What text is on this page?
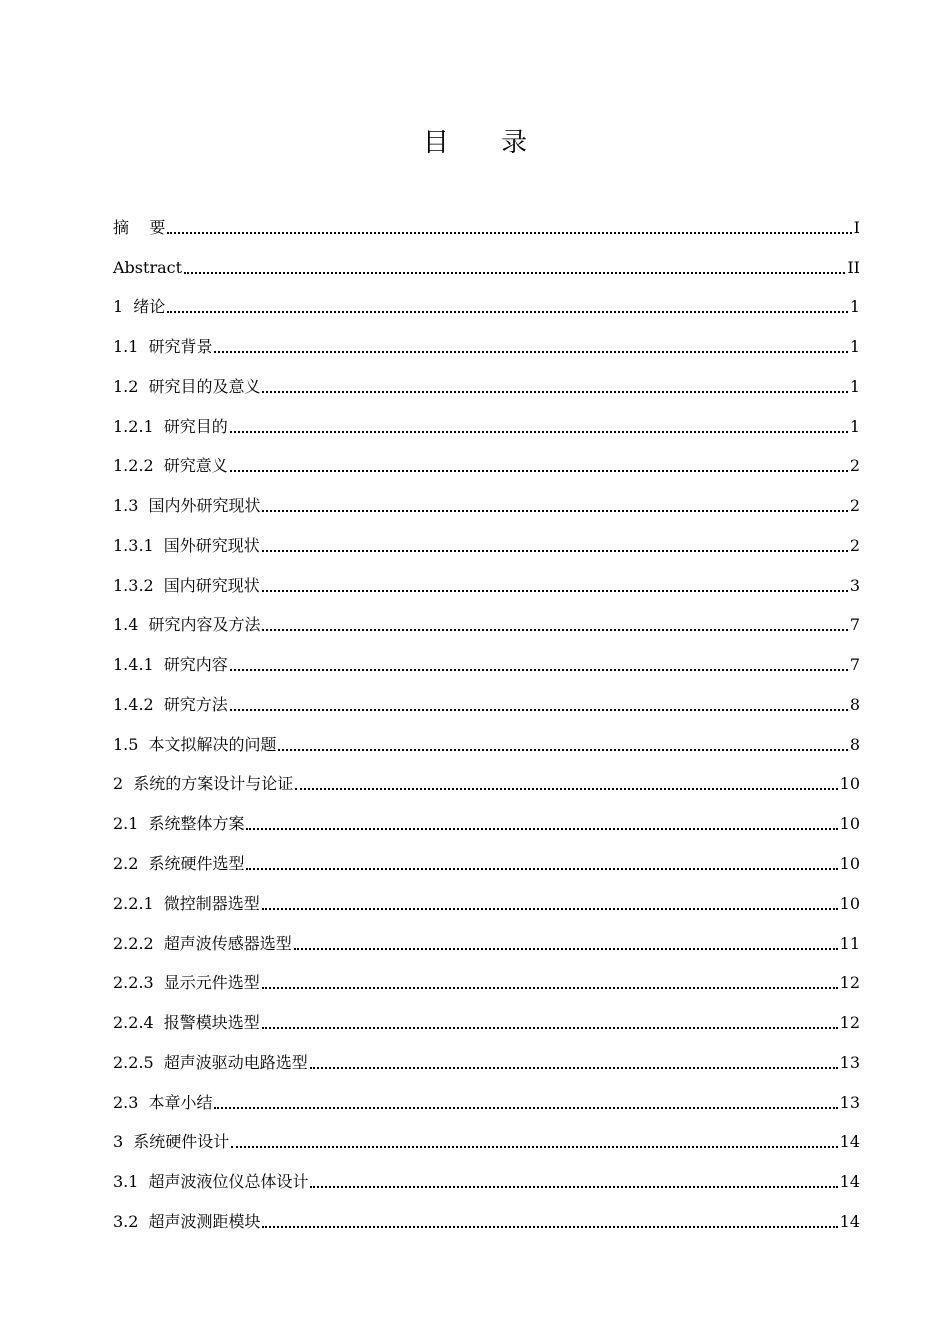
目 录
摘    要	I
Abstract	II
1 绪论	1
1.1 研究背景	1
1.2 研究目的及意义	1
1.2.1 研究目的	1
1.2.2 研究意义	2
1.3 国内外研究现状	2
1.3.1 国外研究现状	2
1.3.2 国内研究现状	3
1.4 研究内容及方法	7
1.4.1 研究内容	7
1.4.2 研究方法	8
1.5 本文拟解决的问题	8
2 系统的方案设计与论证	10
2.1 系统整体方案	10
2.2 系统硬件选型	10
2.2.1 微控制器选型	10
2.2.2 超声波传感器选型	11
2.2.3 显示元件选型	12
2.2.4 报警模块选型	12
2.2.5 超声波驱动电路选型	13
2.3 本章小结	13
3 系统硬件设计	14
3.1 超声波液位仪总体设计	14
3.2 超声波测距模块	14
